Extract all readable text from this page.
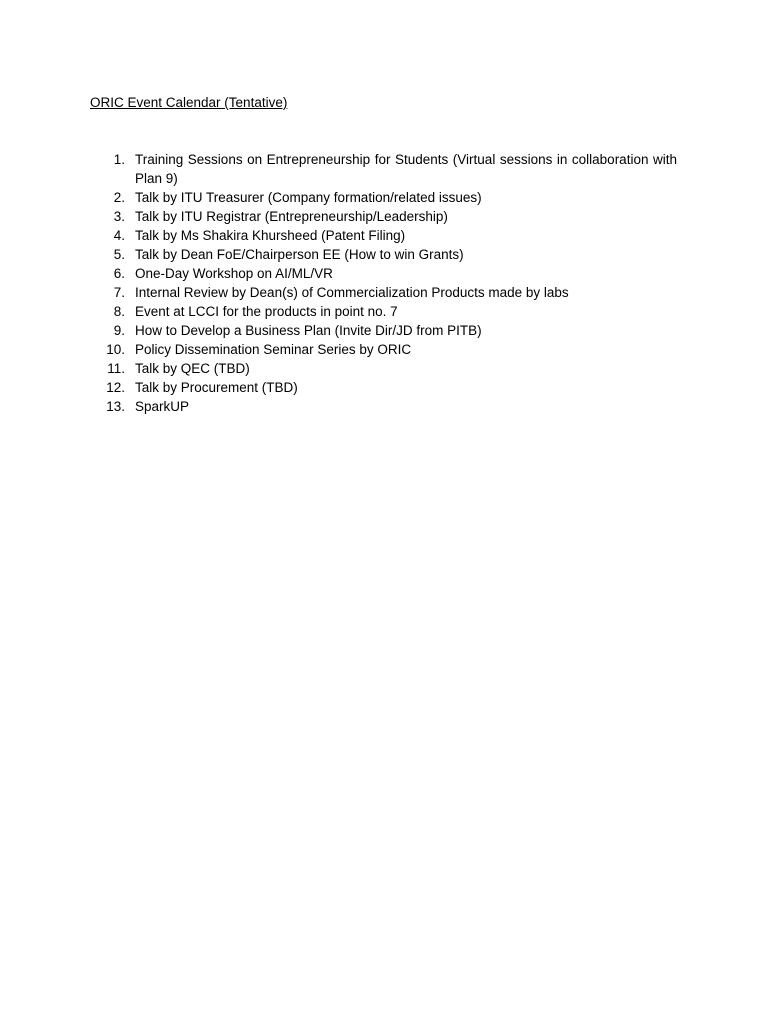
ORIC Event Calendar (Tentative)
1. Training Sessions on Entrepreneurship for Students (Virtual sessions in collaboration with Plan 9)
2. Talk by ITU Treasurer (Company formation/related issues)
3. Talk by ITU Registrar (Entrepreneurship/Leadership)
4. Talk by Ms Shakira Khursheed (Patent Filing)
5. Talk by Dean FoE/Chairperson EE (How to win Grants)
6. One-Day Workshop on AI/ML/VR
7. Internal Review by Dean(s) of Commercialization Products made by labs
8. Event at LCCI for the products in point no. 7
9. How to Develop a Business Plan (Invite Dir/JD from PITB)
10. Policy Dissemination Seminar Series by ORIC
11. Talk by QEC (TBD)
12. Talk by Procurement (TBD)
13. SparkUP
